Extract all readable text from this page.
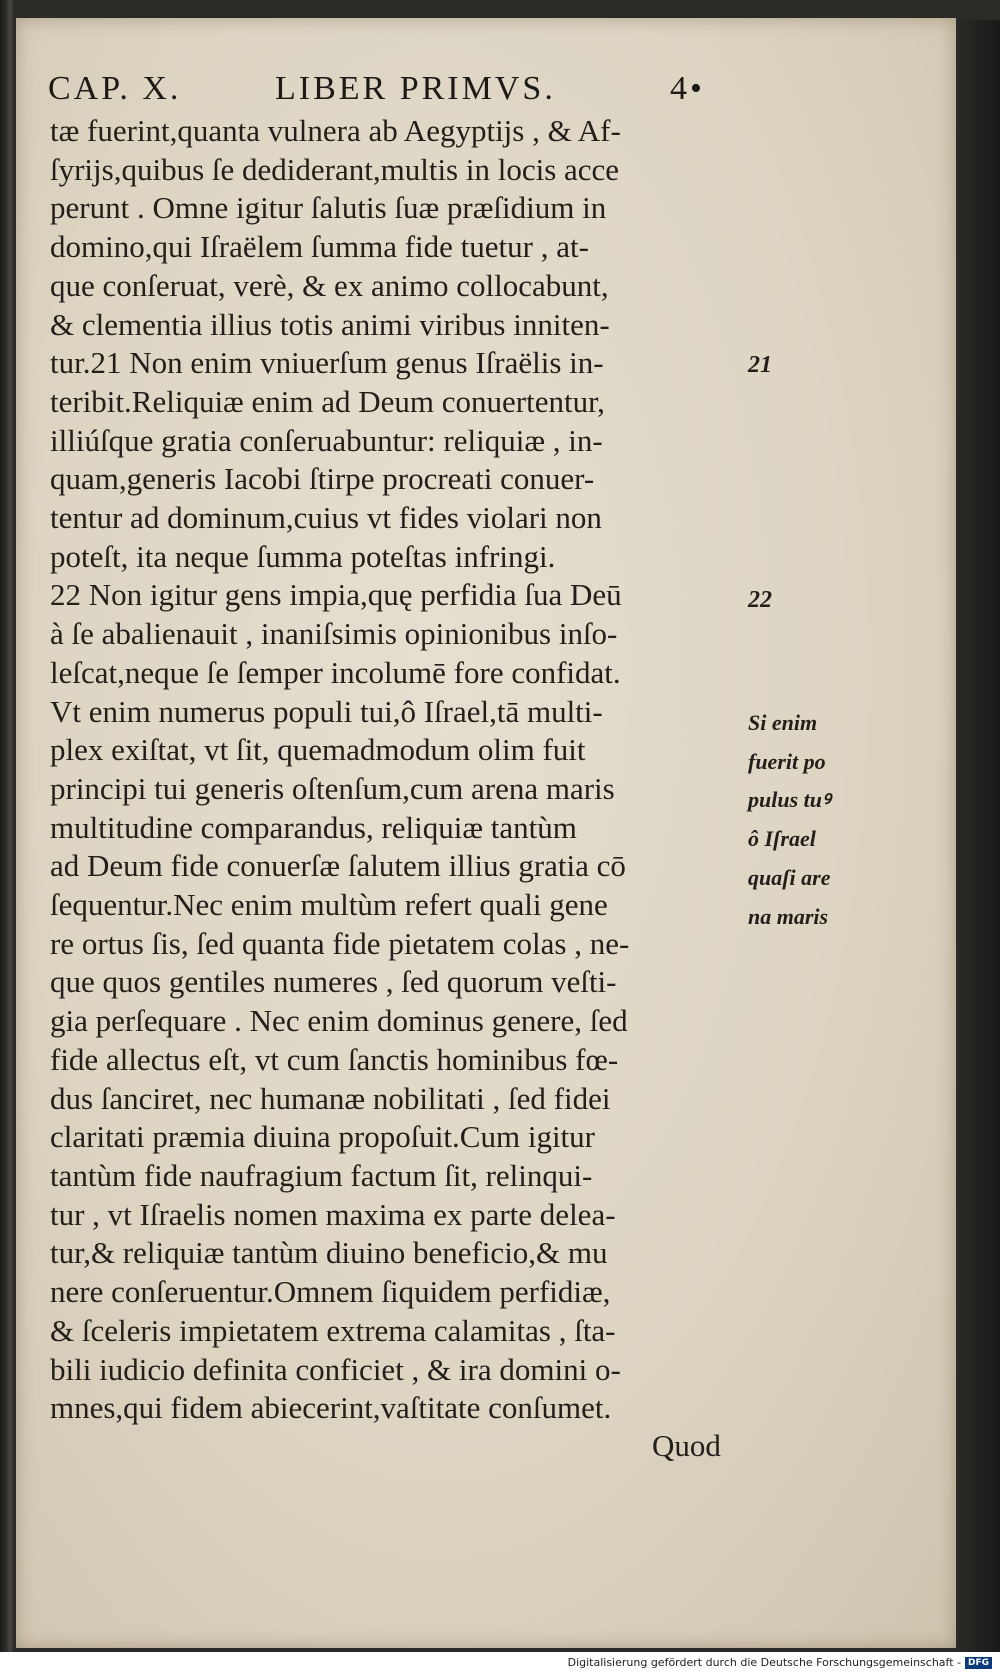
CAP. X.	LIBER PRIMVS.	4•
tæ fuerint,quanta vulnera ab Aegyptijs , & Af-
ſyrijs,quibus ſe dediderant,multis in locis acce
perunt . Omne igitur ſalutis ſuæ præſidium in
domino,qui Iſraëlem ſumma fide tuetur , at-
que conſeruat, verè, & ex animo collocabunt,
& clementia illius totis animi viribus inniten-
tur.21 Non enim vniuerſum genus Iſraëlis in-
teribit.Reliquiæ enim ad Deum conuertentur,
illiúſque gratia conſeruabuntur: reliquiæ , in-
quam,generis Iacobi ſtirpe procreati conuer-
tentur ad dominum,cuius vt fides violari non
poteſt, ita neque ſumma poteſtas infringi.
22 Non igitur gens impia,quę perfidia ſua Deū
à ſe abalienauit , inaniſsimis opinionibus inſo-
leſcat,neque ſe ſemper incolumē fore confidat.
Vt enim numerus populi tui,ô Iſrael,tā multi-
plex exiſtat, vt ſit, quemadmodum olim fuit
principi tui generis oſtenſum,cum arena maris
multitudine comparandus, reliquiæ tantùm
ad Deum fide conuerſæ ſalutem illius gratia cō
ſequentur.Nec enim multùm refert quali gene
re ortus ſis, ſed quanta fide pietatem colas , ne-
que quos gentiles numeres , ſed quorum veſti-
gia perſequare . Nec enim dominus genere, ſed
fide allectus eſt, vt cum ſanctis hominibus fœ-
dus ſanciret, nec humanæ nobilitati , ſed fidei
claritati præmia diuina propoſuit.Cum igitur
tantùm fide naufragium factum ſit, relinqui-
tur , vt Iſraelis nomen maxima ex parte delea-
tur,& reliquiæ tantùm diuino beneficio,& mu
nere conſeruentur.Omnem ſiquidem perfidiæ,
& ſceleris impietatem extrema calamitas , ſta-
bili iudicio definita conficiet , & ira domini o-
mnes,qui fidem abiecerint,vaſtitate conſumet.
21
22
Si enim
fuerit po
pulus tuꝰ
ô Iſrael
quaſi are
na maris
Quod
Digitalisierung gefördert durch die Deutsche Forschungsgemeinschaft - DFG
